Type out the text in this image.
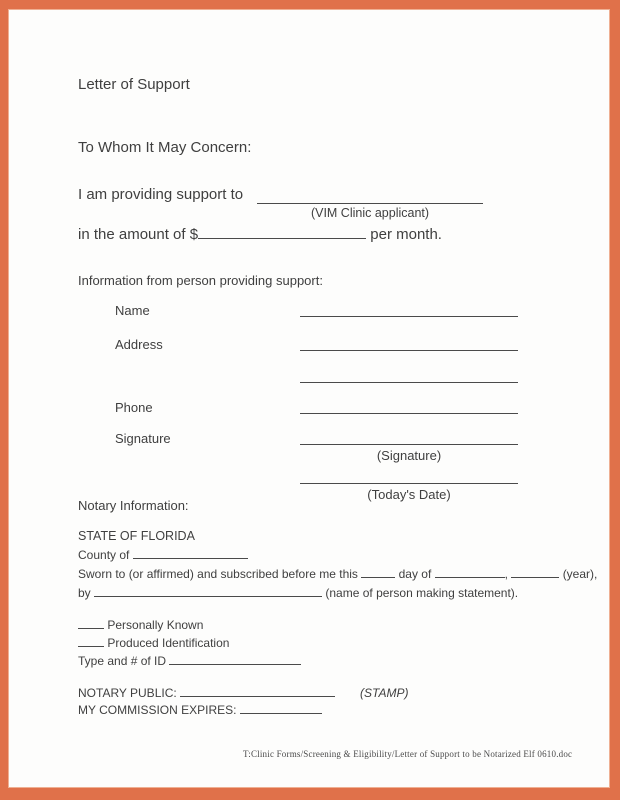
Letter of Support
To Whom It May Concern:
I am providing support to
(VIM Clinic applicant)
in the amount of $	per month.
Information from person providing support:
Name
Address
Phone
Signature
(Signature)
(Today's Date)
Notary Information:
STATE OF FLORIDA
County of
Sworn to (or affirmed) and subscribed before me this	day of	,	(year),
by	(name of person making statement).
Personally Known
Produced Identification
Type and # of ID
NOTARY PUBLIC:	(STAMP)
MY COMMISSION EXPIRES:
T:Clinic Forms/Screening & Eligibility/Letter of Support to be Notarized Elf 0610.doc
